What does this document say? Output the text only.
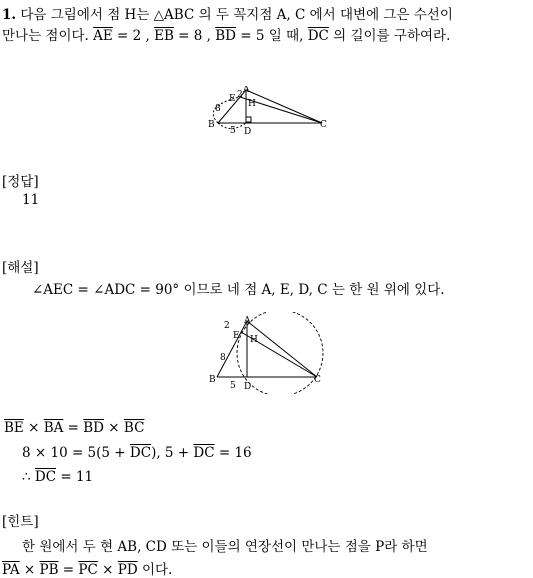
1. 다음 그림에서 점 H는 △ABC 의 두 꼭지점 A, C 에서 대변에 그은 수선이
만나는 점이다. $\overline{AE} = 2$ , $\overline{EB} = 8$ , $\overline{BD} = 5$ 일 때, $\overline{DC}$ 의 길이를 구하여라.
A
B	C
D
E H
2
8
5
[정답]
11
[해설]
∠AEC = ∠ADC = 90° 이므로 네 점 A, E, D, C 는 한 원 위에 있다.
A
B	C
D
E H
2
8
5
$\overline{BE} \times \overline{BA} = \overline{BD} \times \overline{BC}$
$8 \times 10 = 5(5 + \overline{DC})$, $5 + \overline{DC} = 16$
∴ $\overline{DC} = 11$
[힌트]
한 원에서 두 현 AB, CD 또는 이들의 연장선이 만나는 점을 P라 하면
$\overline{PA} \times \overline{PB} = \overline{PC} \times \overline{PD}$ 이다.
